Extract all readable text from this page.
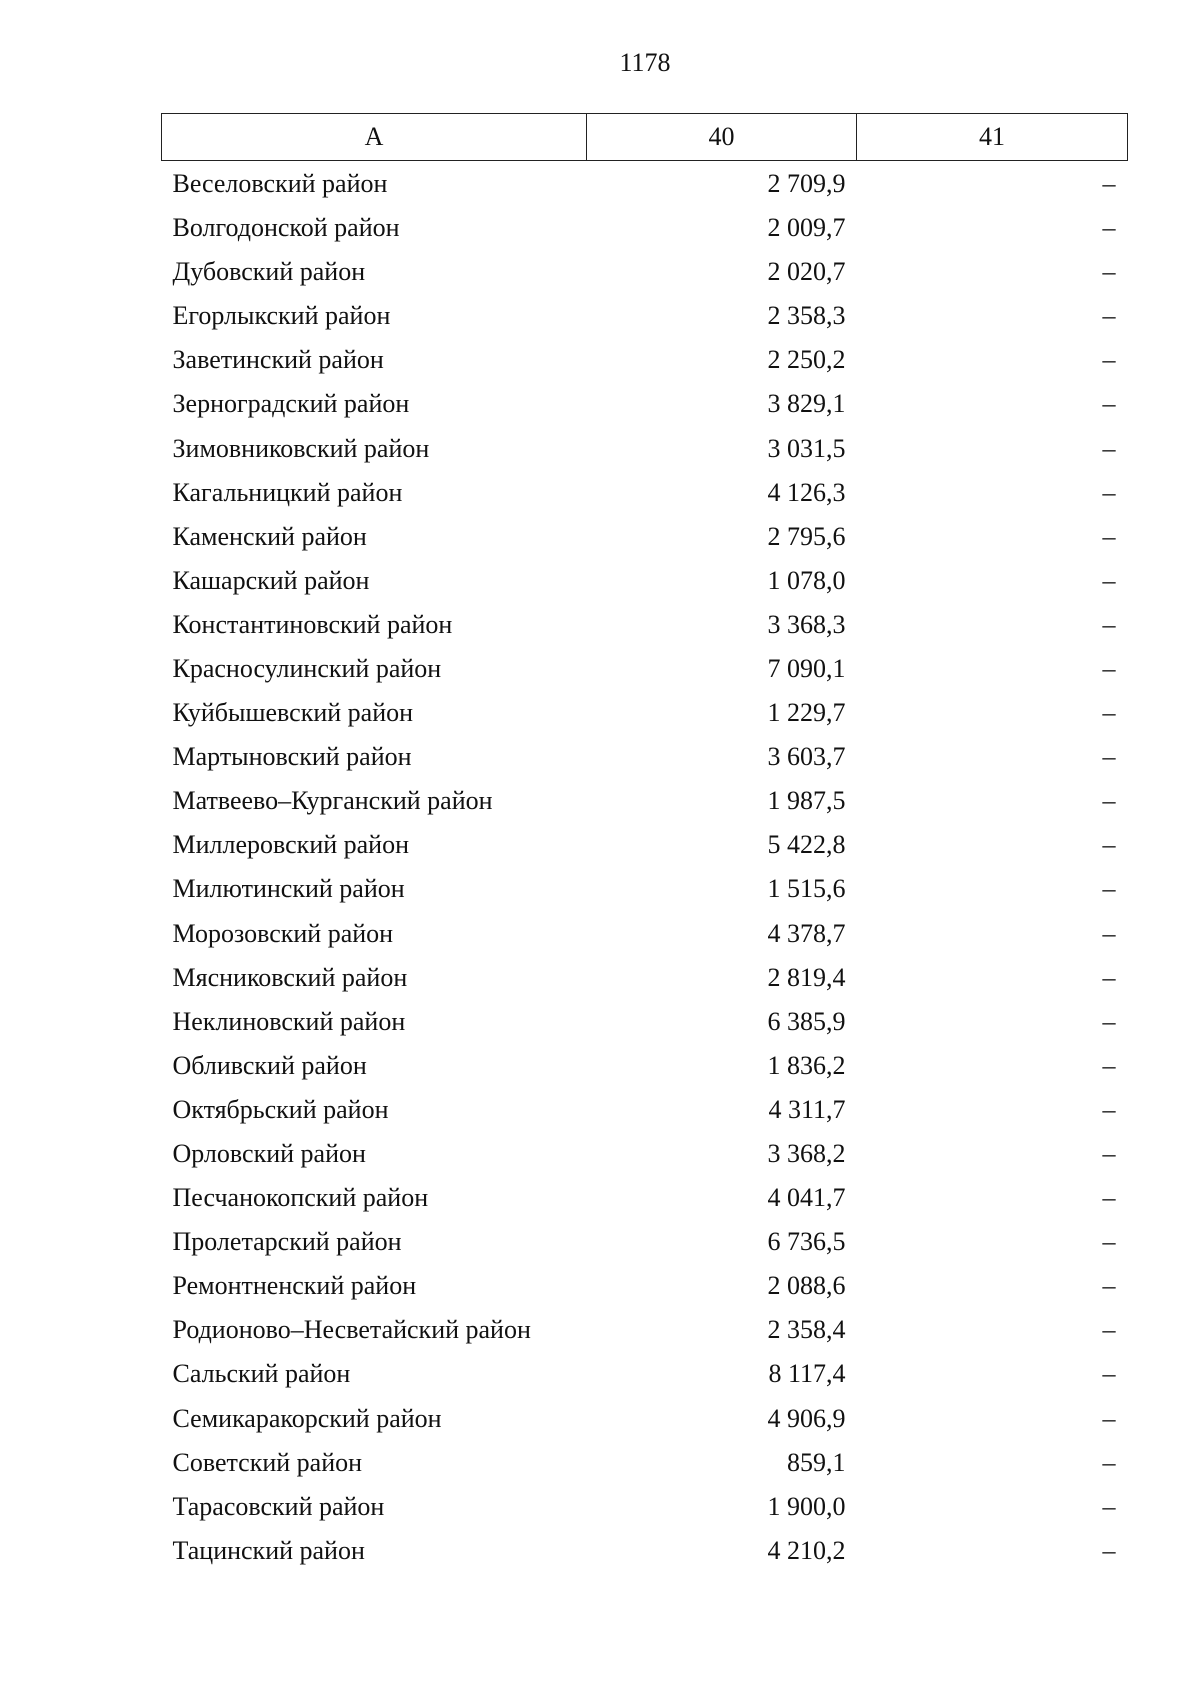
1178
А	40	41
Веселовский район	2 709,9	–
Волгодонской район	2 009,7	–
Дубовский район	2 020,7	–
Егорлыкский район	2 358,3	–
Заветинский район	2 250,2	–
Зерноградский район	3 829,1	–
Зимовниковский район	3 031,5	–
Кагальницкий район	4 126,3	–
Каменский район	2 795,6	–
Кашарский район	1 078,0	–
Константиновский район	3 368,3	–
Красносулинский район	7 090,1	–
Куйбышевский район	1 229,7	–
Мартыновский район	3 603,7	–
Матвеево–Курганский район	1 987,5	–
Миллеровский район	5 422,8	–
Милютинский район	1 515,6	–
Морозовский район	4 378,7	–
Мясниковский район	2 819,4	–
Неклиновский район	6 385,9	–
Обливский район	1 836,2	–
Октябрьский район	4 311,7	–
Орловский район	3 368,2	–
Песчанокопский район	4 041,7	–
Пролетарский район	6 736,5	–
Ремонтненский район	2 088,6	–
Родионово–Несветайский район	2 358,4	–
Сальский район	8 117,4	–
Семикаракорский район	4 906,9	–
Советский район	859,1	–
Тарасовский район	1 900,0	–
Тацинский район	4 210,2	–
